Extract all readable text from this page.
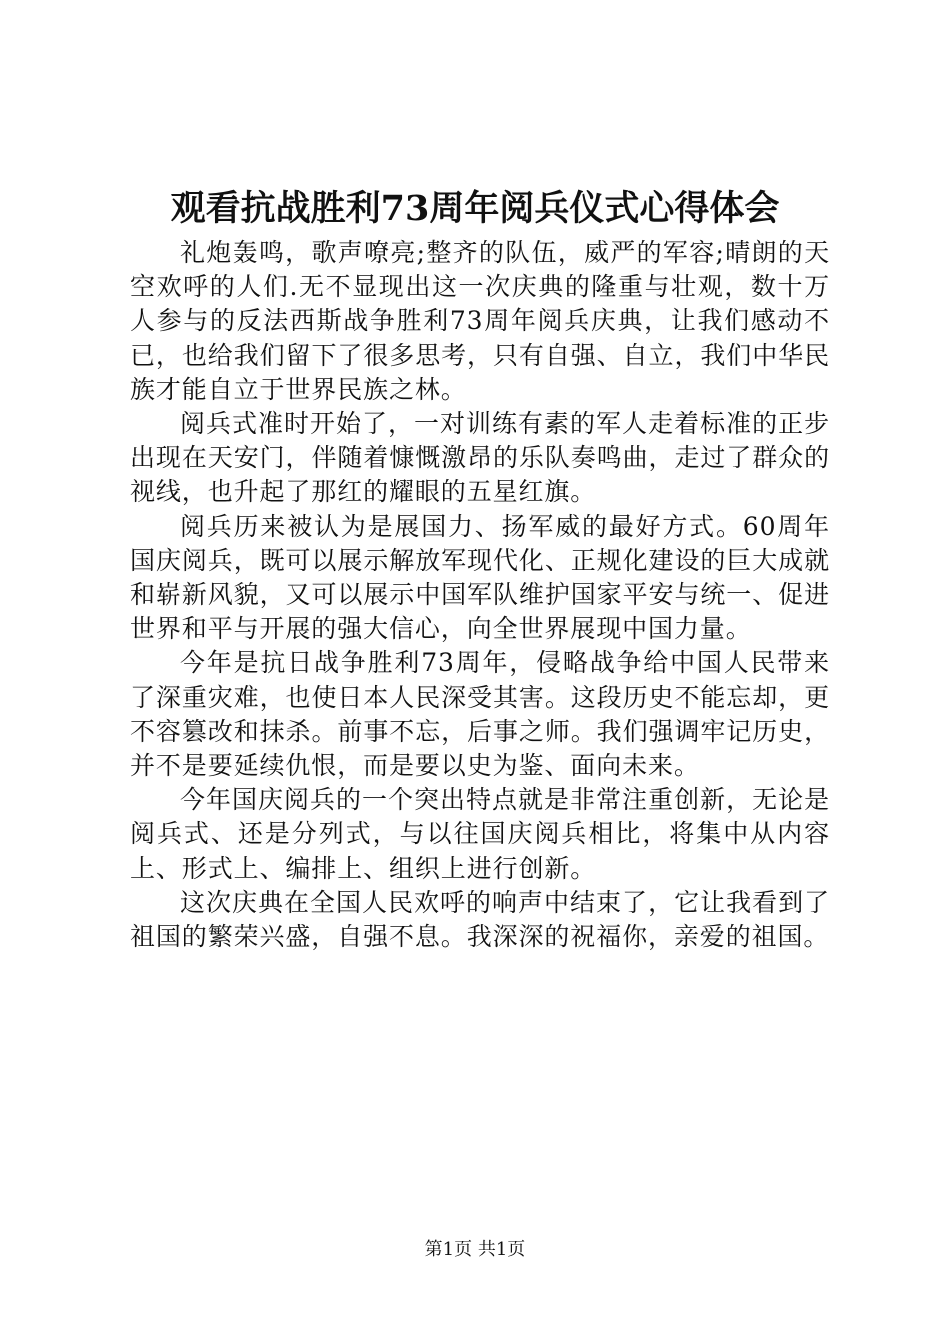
观看抗战胜利73周年阅兵仪式心得体会

礼炮轰鸣，歌声嘹亮;整齐的队伍，威严的军容;晴朗的天空欢呼的人们.无不显现出这一次庆典的隆重与壮观，数十万人参与的反法西斯战争胜利73周年阅兵庆典，让我们感动不已，也给我们留下了很多思考，只有自强、自立，我们中华民族才能自立于世界民族之林。

阅兵式准时开始了，一对训练有素的军人走着标准的正步出现在天安门，伴随着慷慨激昂的乐队奏鸣曲，走过了群众的视线，也升起了那红的耀眼的五星红旗。

阅兵历来被认为是展国力、扬军威的最好方式。60周年国庆阅兵，既可以展示解放军现代化、正规化建设的巨大成就和崭新风貌，又可以展示中国军队维护国家平安与统一、促进世界和平与开展的强大信心，向全世界展现中国力量。

今年是抗日战争胜利73周年，侵略战争给中国人民带来了深重灾难，也使日本人民深受其害。这段历史不能忘却，更不容篡改和抹杀。前事不忘，后事之师。我们强调牢记历史，并不是要延续仇恨，而是要以史为鉴、面向未来。

今年国庆阅兵的一个突出特点就是非常注重创新，无论是阅兵式、还是分列式，与以往国庆阅兵相比，将集中从内容上、形式上、编排上、组织上进行创新。

这次庆典在全国人民欢呼的响声中结束了，它让我看到了祖国的繁荣兴盛，自强不息。我深深的祝福你，亲爱的祖国。

第1页 共1页
